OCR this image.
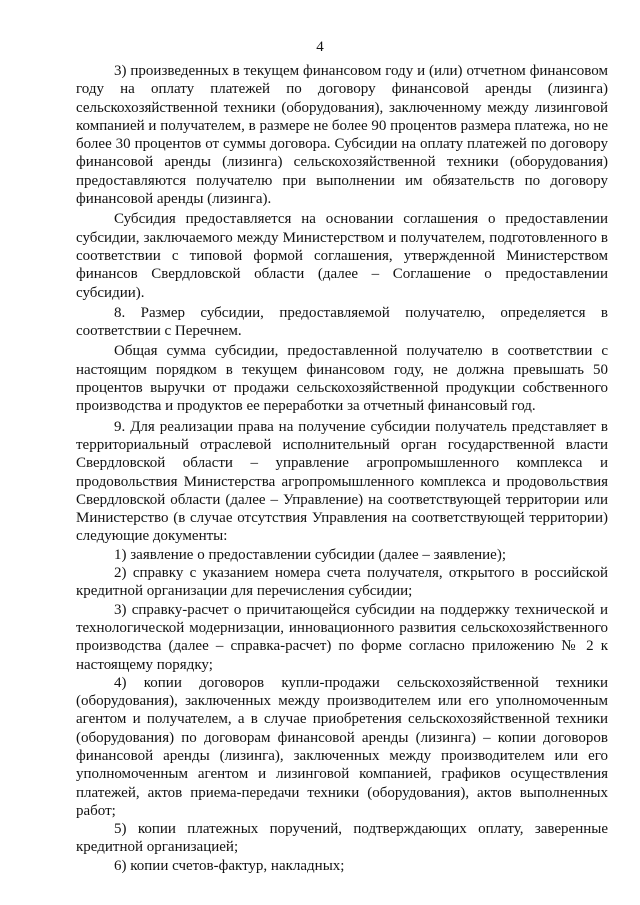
4

3) произведенных в текущем финансовом году и (или) отчетном финансовом году на оплату платежей по договору финансовой аренды (лизинга) сельскохозяйственной техники (оборудования), заключенному между лизинговой компанией и получателем, в размере не более 90 процентов размера платежа, но не более 30 процентов от суммы договора. Субсидии на оплату платежей по договору финансовой аренды (лизинга) сельскохозяйственной техники (оборудования) предоставляются получателю при выполнении им обязательств по договору финансовой аренды (лизинга).

Субсидия предоставляется на основании соглашения о предоставлении субсидии, заключаемого между Министерством и получателем, подготовленного в соответствии с типовой формой соглашения, утвержденной Министерством финансов Свердловской области (далее – Соглашение о предоставлении субсидии).

8. Размер субсидии, предоставляемой получателю, определяется в соответствии с Перечнем.

Общая сумма субсидии, предоставленной получателю в соответствии с настоящим порядком в текущем финансовом году, не должна превышать 50 процентов выручки от продажи сельскохозяйственной продукции собственного производства и продуктов ее переработки за отчетный финансовый год.

9. Для реализации права на получение субсидии получатель представляет в территориальный отраслевой исполнительный орган государственной власти Свердловской области – управление агропромышленного комплекса и продовольствия Министерства агропромышленного комплекса и продовольствия Свердловской области (далее – Управление) на соответствующей территории или Министерство (в случае отсутствия Управления на соответствующей территории) следующие документы:

1) заявление о предоставлении субсидии (далее – заявление);

2) справку с указанием номера счета получателя, открытого в российской кредитной организации для перечисления субсидии;

3) справку-расчет о причитающейся субсидии на поддержку технической и технологической модернизации, инновационного развития сельскохозяйственного производства (далее – справка-расчет) по форме согласно приложению № 2 к настоящему порядку;

4) копии договоров купли-продажи сельскохозяйственной техники (оборудования), заключенных между производителем или его уполномоченным агентом и получателем, а в случае приобретения сельскохозяйственной техники (оборудования) по договорам финансовой аренды (лизинга) – копии договоров финансовой аренды (лизинга), заключенных между производителем или его уполномоченным агентом и лизинговой компанией, графиков осуществления платежей, актов приема-передачи техники (оборудования), актов выполненных работ;

5) копии платежных поручений, подтверждающих оплату, заверенные кредитной организацией;

6) копии счетов-фактур, накладных;
